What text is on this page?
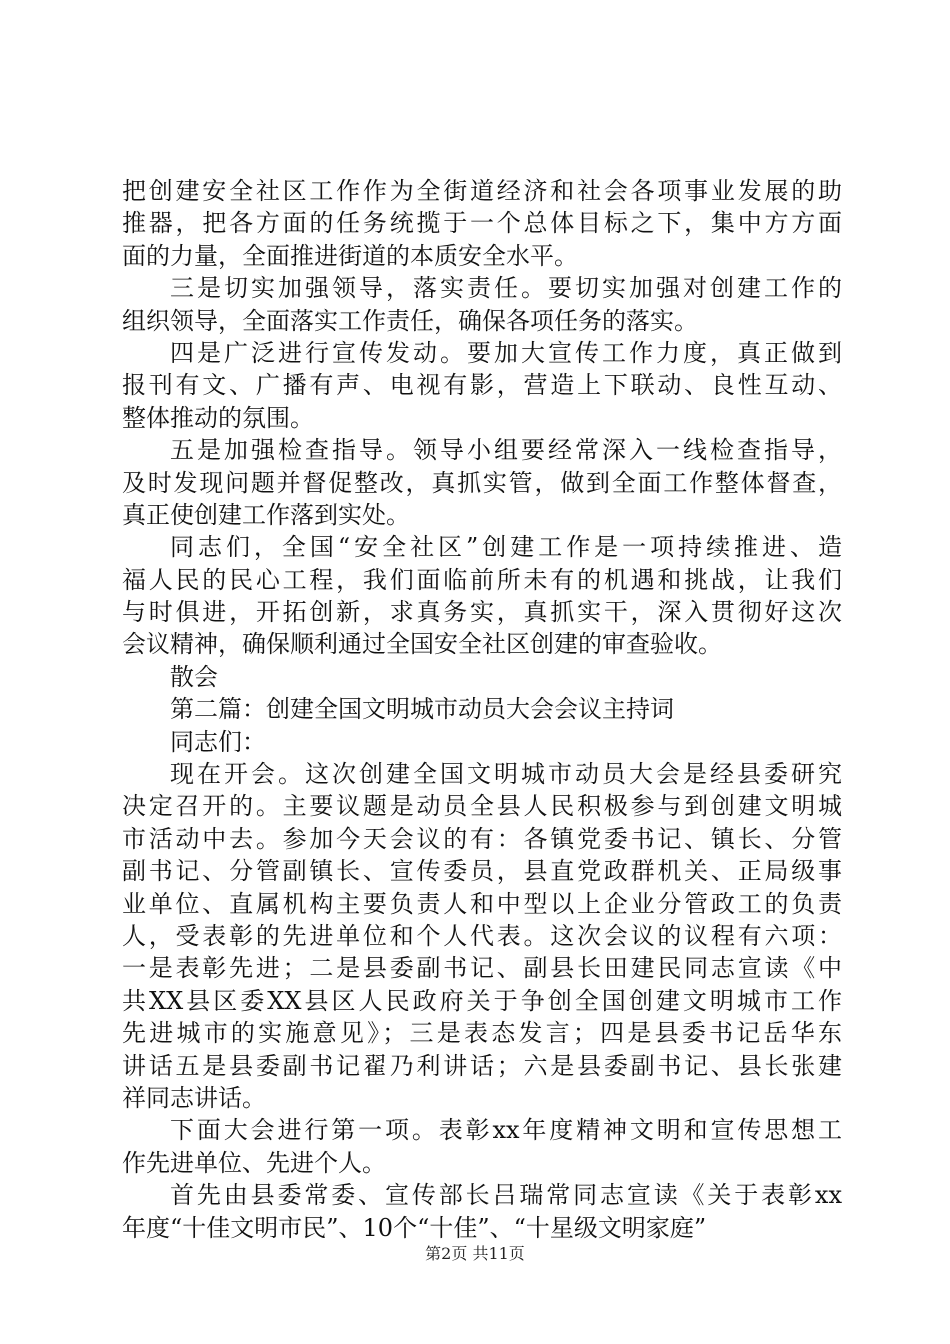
把创建安全社区工作作为全街道经济和社会各项事业发展的助
推器，把各方面的任务统揽于一个总体目标之下，集中方方面
面的力量，全面推进街道的本质安全水平。
三是切实加强领导，落实责任。要切实加强对创建工作的
组织领导，全面落实工作责任，确保各项任务的落实。
四是广泛进行宣传发动。要加大宣传工作力度，真正做到
报刊有文、广播有声、电视有影，营造上下联动、良性互动、
整体推动的氛围。
五是加强检查指导。领导小组要经常深入一线检查指导，
及时发现问题并督促整改，真抓实管，做到全面工作整体督查，
真正使创建工作落到实处。
同志们，全国“安全社区”创建工作是一项持续推进、造
福人民的民心工程，我们面临前所未有的机遇和挑战，让我们
与时俱进，开拓创新，求真务实，真抓实干，深入贯彻好这次
会议精神，确保顺利通过全国安全社区创建的审查验收。
散会
第二篇：创建全国文明城市动员大会会议主持词
同志们：
现在开会。这次创建全国文明城市动员大会是经县委研究
决定召开的。主要议题是动员全县人民积极参与到创建文明城
市活动中去。参加今天会议的有：各镇党委书记、镇长、分管
副书记、分管副镇长、宣传委员，县直党政群机关、正局级事
业单位、直属机构主要负责人和中型以上企业分管政工的负责
人，受表彰的先进单位和个人代表。这次会议的议程有六项：
一是表彰先进；二是县委副书记、副县长田建民同志宣读《中
共XX县区委XX县区人民政府关于争创全国创建文明城市工作
先进城市的实施意见》；三是表态发言；四是县委书记岳华东
讲话五是县委副书记翟乃利讲话；六是县委副书记、县长张建
祥同志讲话。
下面大会进行第一项。表彰xx年度精神文明和宣传思想工
作先进单位、先进个人。
首先由县委常委、宣传部长吕瑞常同志宣读《关于表彰xx
年度“十佳文明市民”、10个“十佳”、“十星级文明家庭”
第2页 共11页
